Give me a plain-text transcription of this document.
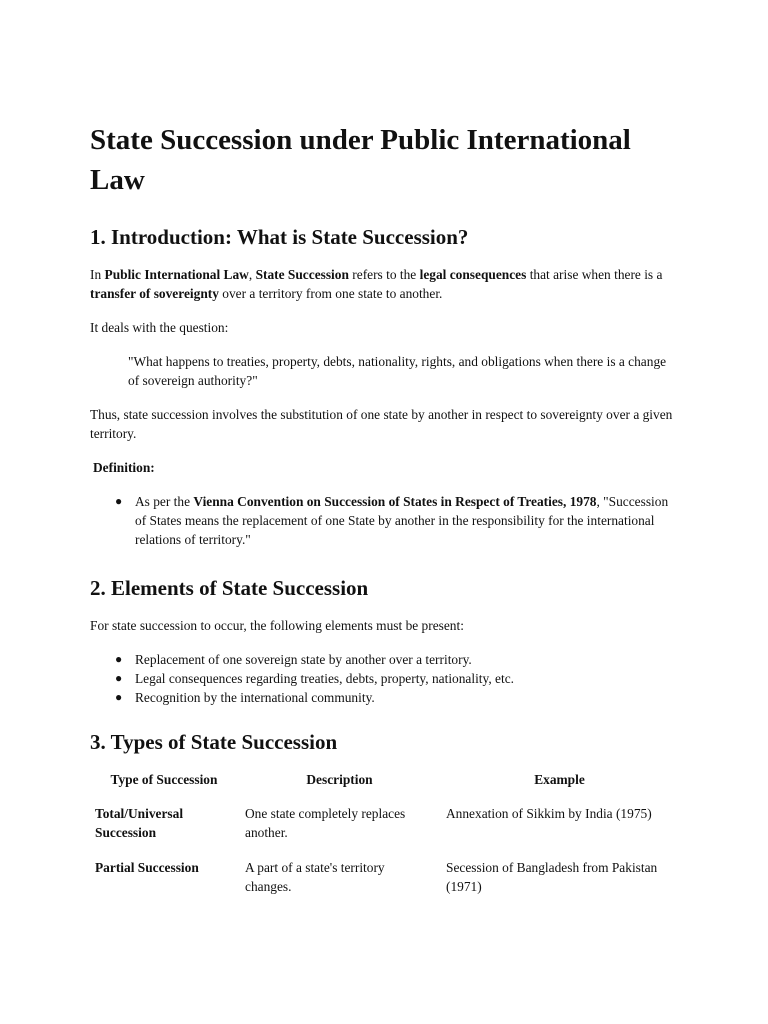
State Succession under Public International Law
1. Introduction: What is State Succession?

In Public International Law, State Succession refers to the legal consequences that arise when there is a transfer of sovereignty over a territory from one state to another.

It deals with the question:

"What happens to treaties, property, debts, nationality, rights, and obligations when there is a change of sovereign authority?"

Thus, state succession involves the substitution of one state by another in respect to sovereignty over a given territory.

Definition:
● As per the Vienna Convention on Succession of States in Respect of Treaties, 1978, "Succession of States means the replacement of one State by another in the responsibility for the international relations of territory."
2. Elements of State Succession

For state succession to occur, the following elements must be present:

● Replacement of one sovereign state by another over a territory.
● Legal consequences regarding treaties, debts, property, nationality, etc.
● Recognition by the international community.
3. Types of State Succession
Type of Succession	Description	Example
Total/Universal Succession	One state completely replaces another.	Annexation of Sikkim by India (1975)
Partial Succession	A part of a state's territory changes.	Secession of Bangladesh from Pakistan (1971)
